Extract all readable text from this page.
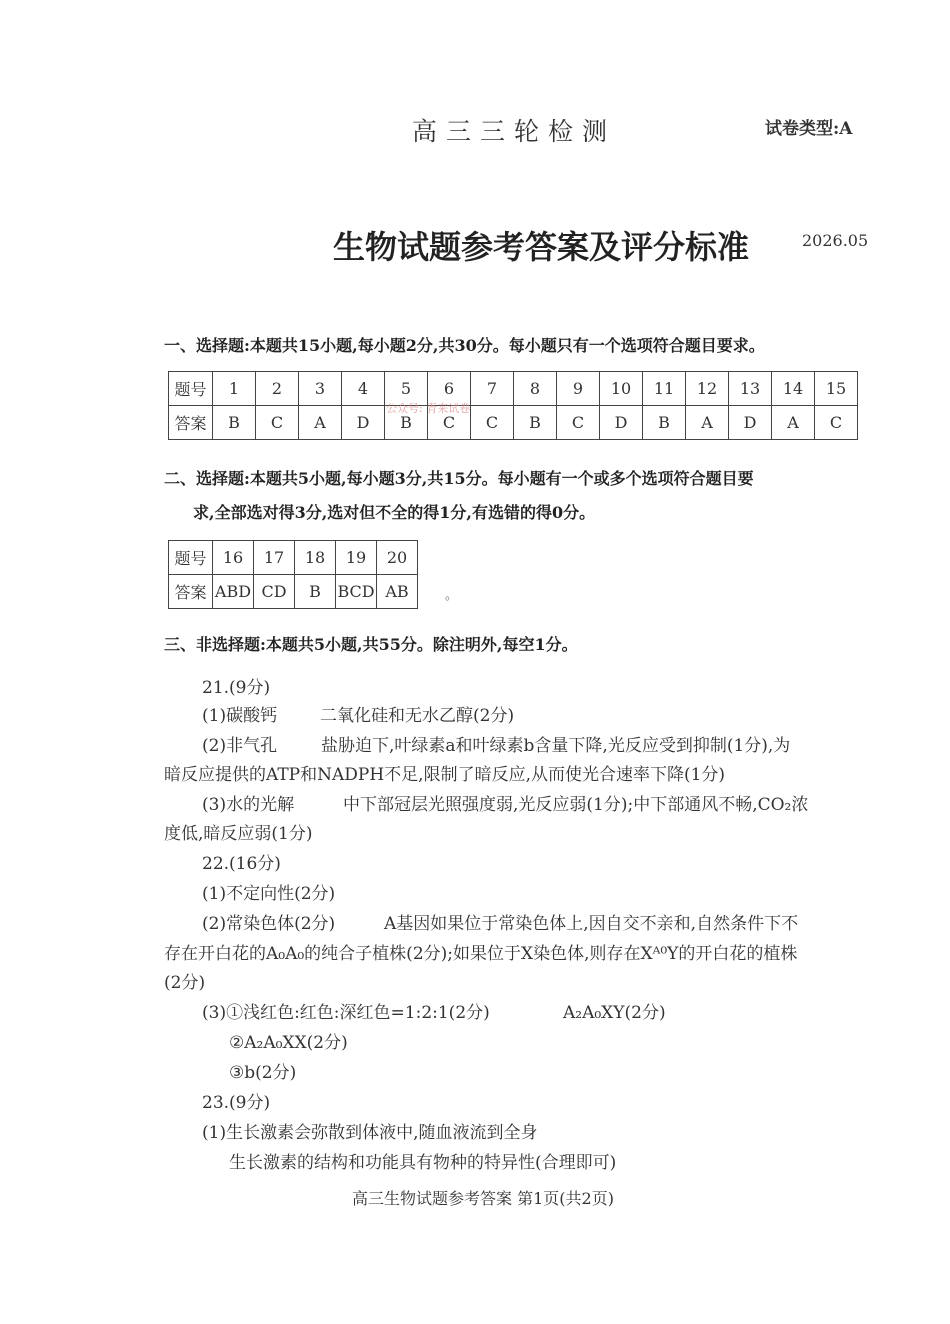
高三三轮检测	试卷类型:A
生物试题参考答案及评分标准	2026.05
一、选择题:本题共15小题,每小题2分,共30分。每小题只有一个选项符合题目要求。
题号	1	2	3	4	5	6	7	8	9	10	11	12	13	14	15
答案	B	C	A	D	B	C	C	B	C	D	B	A	D	A	C
公众号: 青来试卷
二、选择题:本题共5小题,每小题3分,共15分。每小题有一个或多个选项符合题目要
求,全部选对得3分,选对但不全的得1分,有选错的得0分。
题号	16	17	18	19	20
答案	ABD	CD	B	BCD	AB	。
三、非选择题:本题共5小题,共55分。除注明外,每空1分。
21.(9分)
(1)碳酸钙	二氧化硅和无水乙醇(2分)
(2)非气孔	盐胁迫下,叶绿素a和叶绿素b含量下降,光反应受到抑制(1分),为
暗反应提供的ATP和NADPH不足,限制了暗反应,从而使光合速率下降(1分)
(3)水的光解	中下部冠层光照强度弱,光反应弱(1分);中下部通风不畅,CO₂浓
度低,暗反应弱(1分)
22.(16分)
(1)不定向性(2分)
(2)常染色体(2分)	A基因如果位于常染色体上,因自交不亲和,自然条件下不
存在开白花的A₀A₀的纯合子植株(2分);如果位于X染色体,则存在Xᴬ⁰Y的开白花的植株
(2分)
(3)①浅红色:红色:深红色=1:2:1(2分)	A₂A₀XY(2分)
②A₂A₀XX(2分)
③b(2分)
23.(9分)
(1)生长激素会弥散到体液中,随血液流到全身
生长激素的结构和功能具有物种的特异性(合理即可)
高三生物试题参考答案 第1页(共2页)
